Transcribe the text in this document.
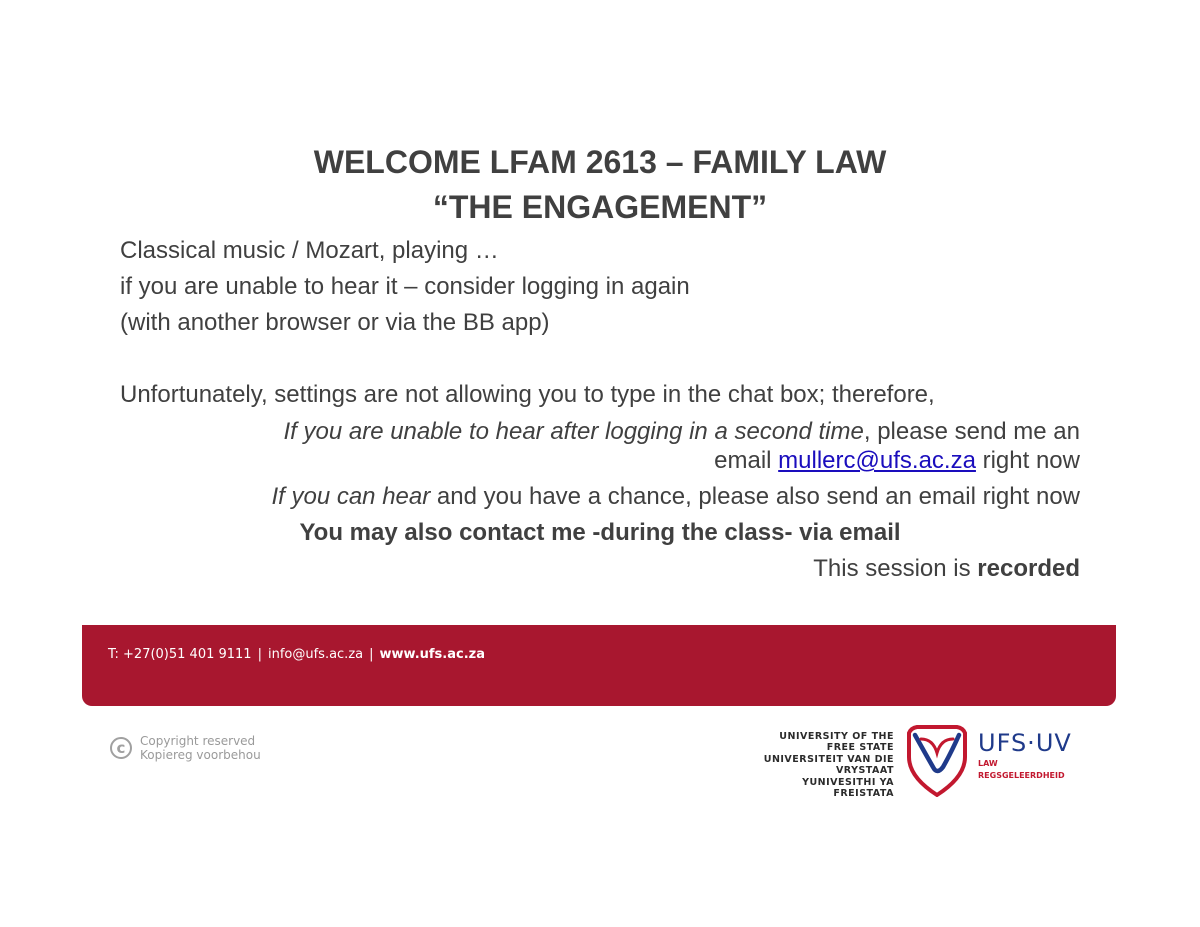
WELCOME LFAM 2613 – FAMILY LAW
“THE ENGAGEMENT”
Classical music / Mozart, playing …
if you are unable to hear it – consider logging in again
(with another browser or via the BB app)
Unfortunately, settings are not allowing you to type in the chat box; therefore,
If you are unable to hear after logging in a second time, please send me an
email mullerc@ufs.ac.za right now
If you can hear and you have a chance, please also send an email right now
You may also contact me -during the class- via email
This session is recorded
T: +27(0)51 401 9111 | info@ufs.ac.za | www.ufs.ac.za
c	Copyright reserved
Kopiereg voorbehou
UNIVERSITY OF THE
FREE STATE
UNIVERSITEIT VAN DIE
VRYSTAAT
YUNIVESITHI YA
FREISTATA
UFS·UV
LAW
REGSGELEERDHEID
